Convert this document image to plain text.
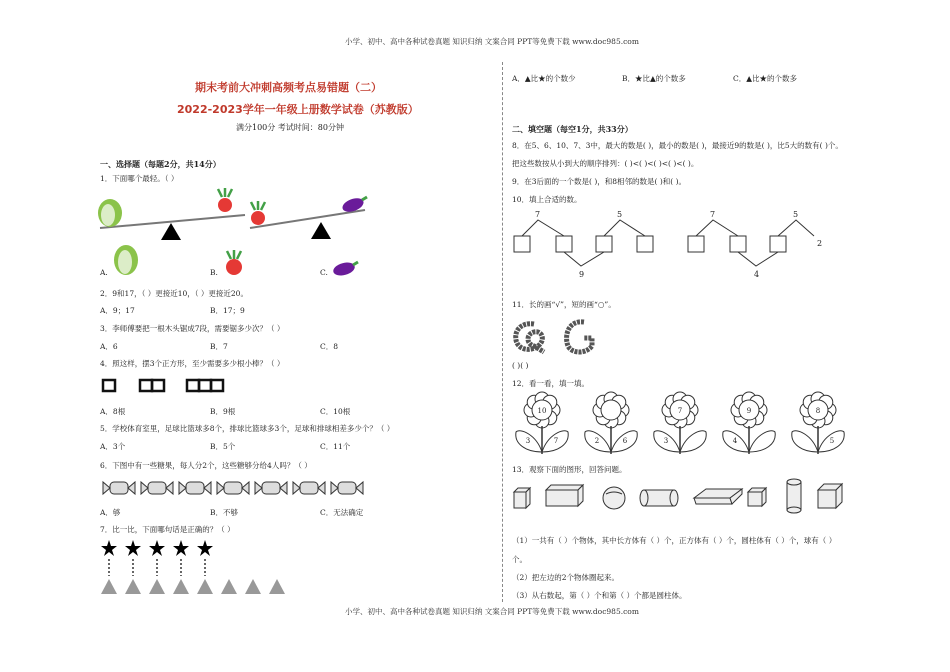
小学、初中、高中各种试卷真题 知识归纳 文案合同 PPT等免费下载 www.doc985.com
小学、初中、高中各种试卷真题 知识归纳 文案合同 PPT等免费下载 www.doc985.com
期末考前大冲刺高频考点易错题（二）
2022-2023学年一年级上册数学试卷（苏教版）
满分100分 考试时间：80分钟
一、选择题（每题2分，共14分）
1．下面哪个最轻。（ ）
A.	B.	C.
2．9和17，（ ）更接近10，（ ）更接近20。
A．9；17	B．17；9
3．李师傅要把一根木头锯成7段，需要锯多少次？（ ）
A．6	B．7	C．8
4．照这样，摆3个正方形，至少需要多少根小棒？（ ）
A．8根	B．9根	C．10根
5．学校体育室里，足球比篮球多8个，排球比篮球多3个，足球和排球相差多少个？（ ）
A．3个	B．5个	C．11个
6．下图中有一些糖果，每人分2个，这些糖够分给4人吗？（ ）
A．够	B．不够	C．无法确定
7．比一比，下面哪句话是正确的？（ ）
A．▲比★的个数少	B．★比▲的个数多	C．▲比★的个数多
二、填空题（每空1分，共33分）
8．在5、6、10、7、3中，最大的数是( )，最小的数是( )，最接近9的数是( )，比5大的数有( )个。
把这些数按从小到大的顺序排列：( )<( )<( )<( )<( )。
9．在3后面的一个数是( )，和8相邻的数是( )和( )。
10．填上合适的数。
7	5
9
7	5
2
4
11．长的画“√”，短的画“○”。
( )( )
12．看一看，填一填。
10
3	7	2	6
7
3
9
4
8
5
13．观察下面的图形，回答问题。
（1）一共有（ ）个物体，其中长方体有（ ）个，正方体有（ ）个，圆柱体有（ ）个，球有（ ）
个。
（2）把左边的2个物体圈起来。
（3）从右数起，第（ ）个和第（ ）个都是圆柱体。
